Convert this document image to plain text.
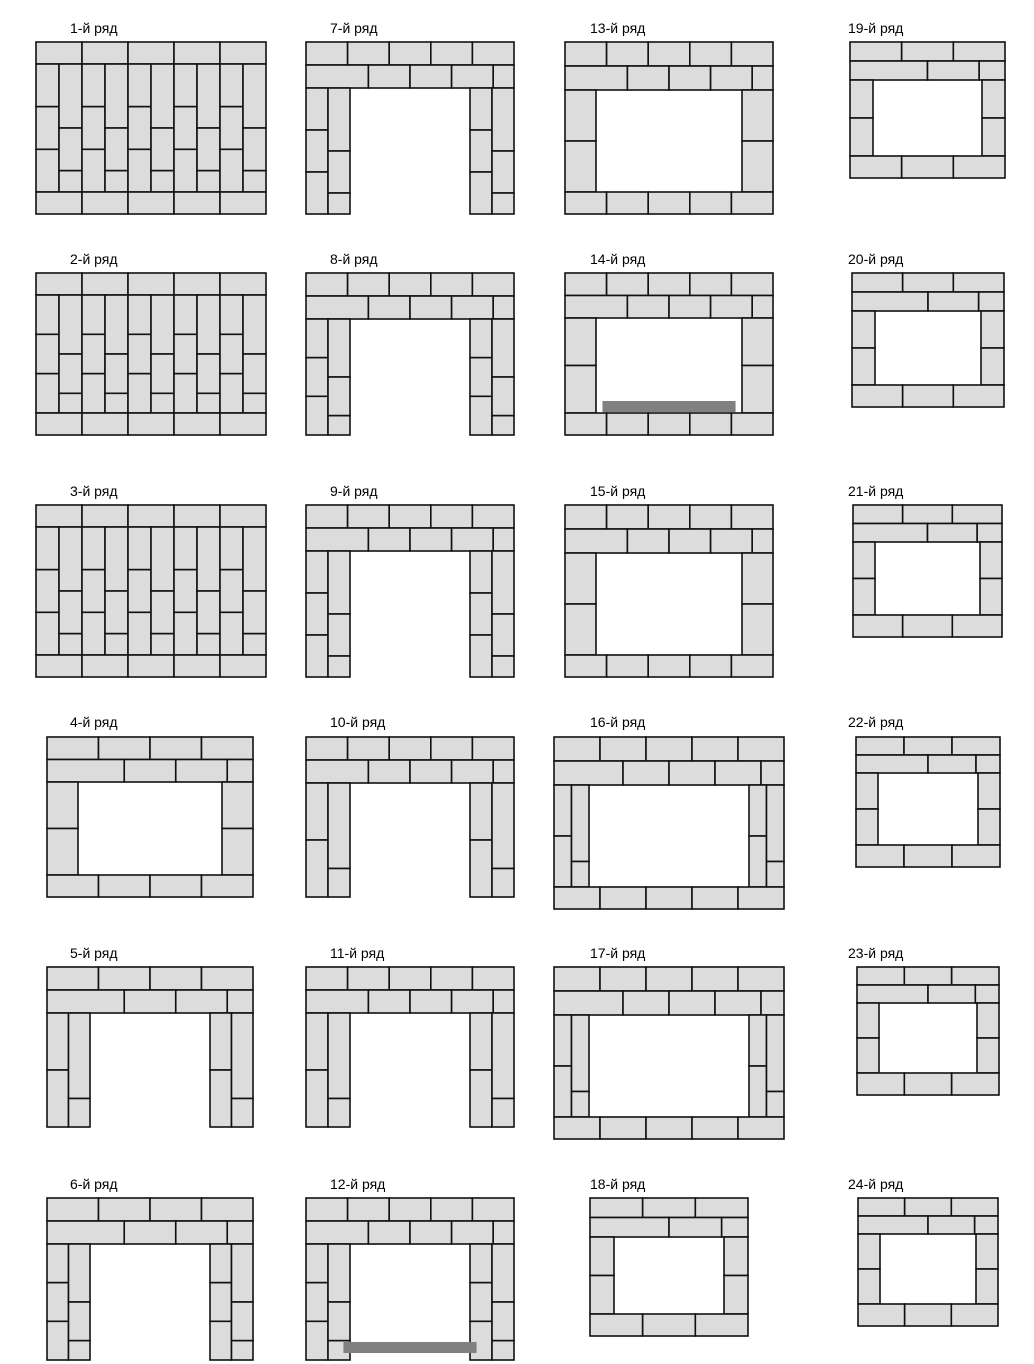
1-й ряд
2-й ряд
3-й ряд
4-й ряд
5-й ряд
6-й ряд
7-й ряд
8-й ряд
9-й ряд
10-й ряд
11-й ряд
12-й ряд
13-й ряд
14-й ряд
15-й ряд
16-й ряд
17-й ряд
18-й ряд
19-й ряд
20-й ряд
21-й ряд
22-й ряд
23-й ряд
24-й ряд
